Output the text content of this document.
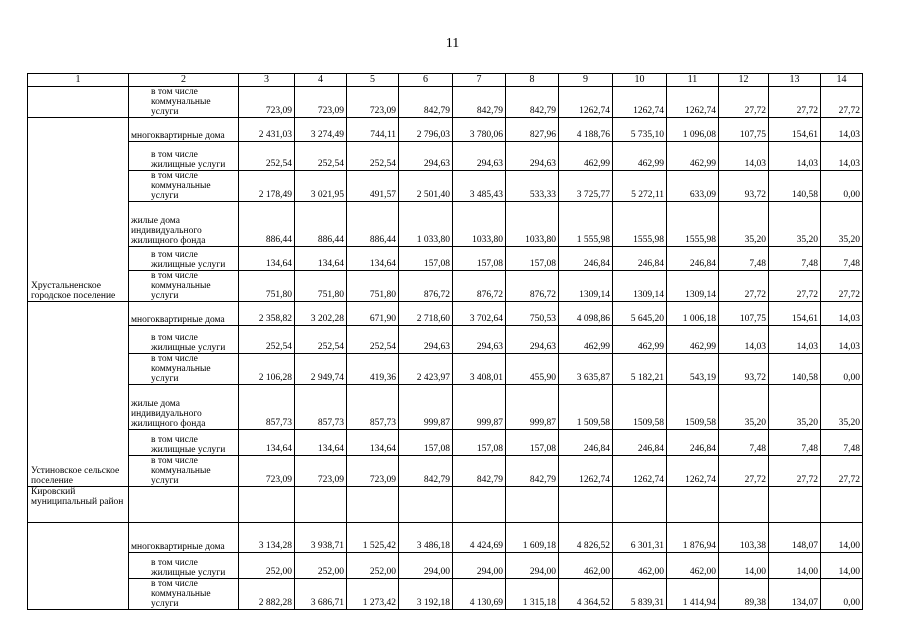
11
1	2	3	4	5	6	7	8	9	10	11	12	13	14
	в том числе коммунальные услуги	723,09	723,09	723,09	842,79	842,79	842,79	1262,74	1262,74	1262,74	27,72	27,72	27,72
Хрустальненское городское поселение	многоквартирные дома	2 431,03	3 274,49	744,11	2 796,03	3 780,06	827,96	4 188,76	5 735,10	1 096,08	107,75	154,61	14,03
	в том числе жилищные услуги	252,54	252,54	252,54	294,63	294,63	294,63	462,99	462,99	462,99	14,03	14,03	14,03
	в том числе коммунальные услуги	2 178,49	3 021,95	491,57	2 501,40	3 485,43	533,33	3 725,77	5 272,11	633,09	93,72	140,58	0,00
	жилые дома индивидуального жилищного фонда	886,44	886,44	886,44	1 033,80	1033,80	1033,80	1 555,98	1555,98	1555,98	35,20	35,20	35,20
	в том числе жилищные услуги	134,64	134,64	134,64	157,08	157,08	157,08	246,84	246,84	246,84	7,48	7,48	7,48
	в том числе коммунальные услуги	751,80	751,80	751,80	876,72	876,72	876,72	1309,14	1309,14	1309,14	27,72	27,72	27,72
Устиновское сельское поселение	многоквартирные дома	2 358,82	3 202,28	671,90	2 718,60	3 702,64	750,53	4 098,86	5 645,20	1 006,18	107,75	154,61	14,03
	в том числе жилищные услуги	252,54	252,54	252,54	294,63	294,63	294,63	462,99	462,99	462,99	14,03	14,03	14,03
	в том числе коммунальные услуги	2 106,28	2 949,74	419,36	2 423,97	3 408,01	455,90	3 635,87	5 182,21	543,19	93,72	140,58	0,00
	жилые дома индивидуального жилищного фонда	857,73	857,73	857,73	999,87	999,87	999,87	1 509,58	1509,58	1509,58	35,20	35,20	35,20
	в том числе жилищные услуги	134,64	134,64	134,64	157,08	157,08	157,08	246,84	246,84	246,84	7,48	7,48	7,48
	в том числе коммунальные услуги	723,09	723,09	723,09	842,79	842,79	842,79	1262,74	1262,74	1262,74	27,72	27,72	27,72
Кировский муниципальный район													
	многоквартирные дома	3 134,28	3 938,71	1 525,42	3 486,18	4 424,69	1 609,18	4 826,52	6 301,31	1 876,94	103,38	148,07	14,00
	в том числе жилищные услуги	252,00	252,00	252,00	294,00	294,00	294,00	462,00	462,00	462,00	14,00	14,00	14,00
	в том числе коммунальные услуги	2 882,28	3 686,71	1 273,42	3 192,18	4 130,69	1 315,18	4 364,52	5 839,31	1 414,94	89,38	134,07	0,00
